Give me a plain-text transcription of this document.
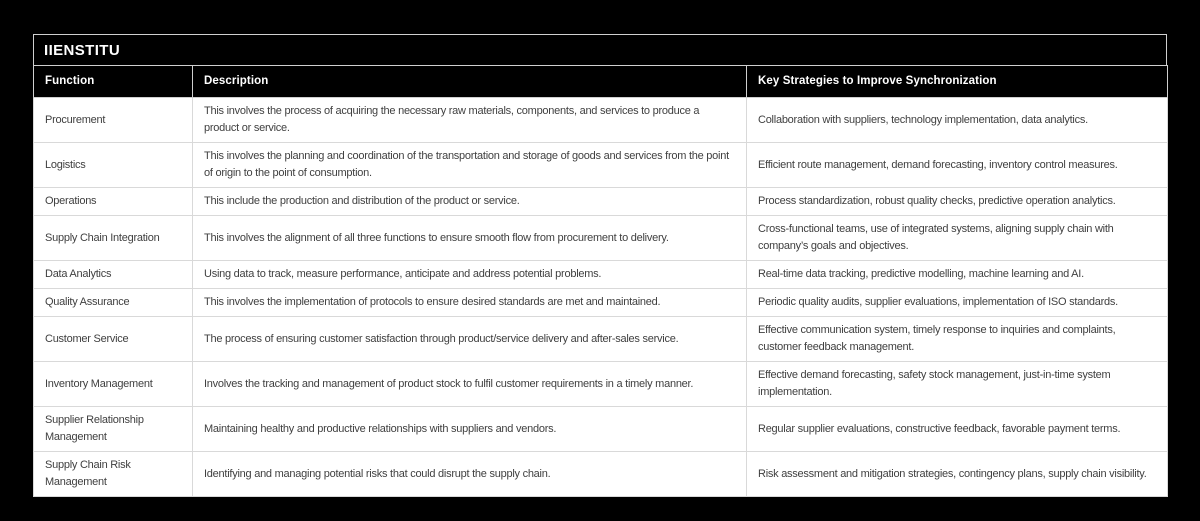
IIENSTITU
Function	Description	Key Strategies to Improve Synchronization
Procurement	This involves the process of acquiring the necessary raw materials, components, and services to produce a product or service.	Collaboration with suppliers, technology implementation, data analytics.
Logistics	This involves the planning and coordination of the transportation and storage of goods and services from the point of origin to the point of consumption.	Efficient route management, demand forecasting, inventory control measures.
Operations	This include the production and distribution of the product or service.	Process standardization, robust quality checks, predictive operation analytics.
Supply Chain Integration	This involves the alignment of all three functions to ensure smooth flow from procurement to delivery.	Cross-functional teams, use of integrated systems, aligning supply chain with company’s goals and objectives.
Data Analytics	Using data to track, measure performance, anticipate and address potential problems.	Real-time data tracking, predictive modelling, machine learning and AI.
Quality Assurance	This involves the implementation of protocols to ensure desired standards are met and maintained.	Periodic quality audits, supplier evaluations, implementation of ISO standards.
Customer Service	The process of ensuring customer satisfaction through product/service delivery and after-sales service.	Effective communication system, timely response to inquiries and complaints, customer feedback management.
Inventory Management	Involves the tracking and management of product stock to fulfil customer requirements in a timely manner.	Effective demand forecasting, safety stock management, just-in-time system implementation.
Supplier Relationship Management	Maintaining healthy and productive relationships with suppliers and vendors.	Regular supplier evaluations, constructive feedback, favorable payment terms.
Supply Chain Risk Management	Identifying and managing potential risks that could disrupt the supply chain.	Risk assessment and mitigation strategies, contingency plans, supply chain visibility.
